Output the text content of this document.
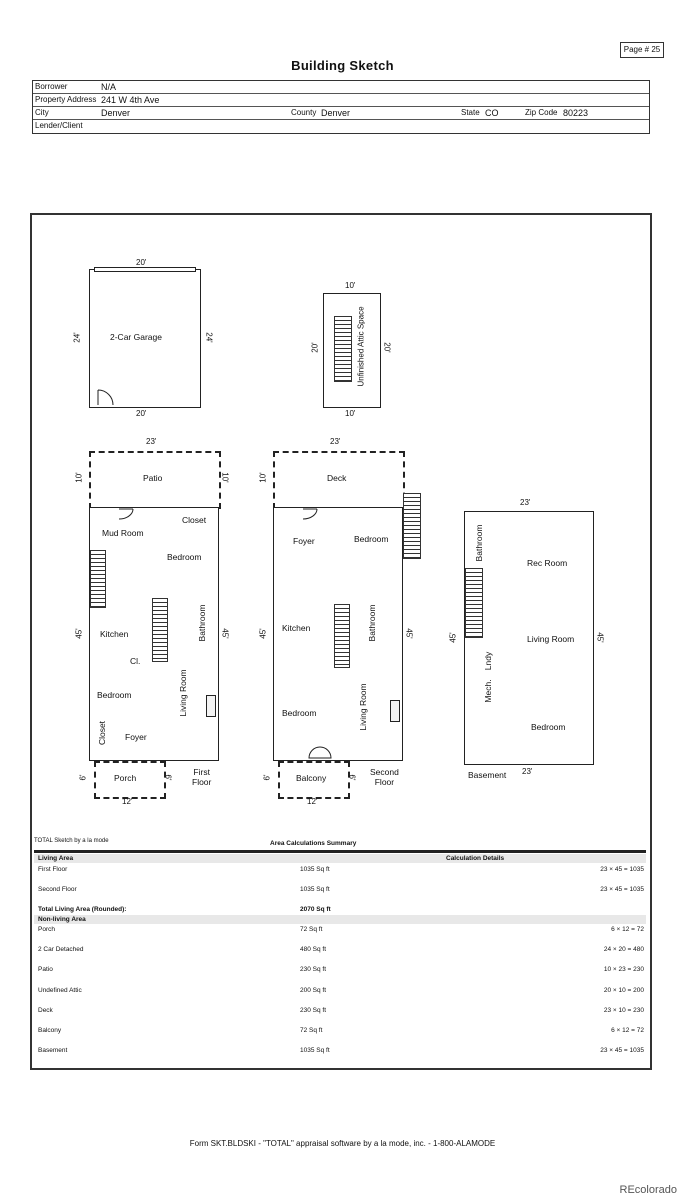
Page # 25
Building Sketch
Borrower	N/A
Property Address 241 W 4th Ave
City	Denver	County Denver	State CO	Zip Code 80223
Lender/Client
2-Car Garage
20'
20'
24'	24'	Unfinished Attic Space
10'
10'
20'	20'
23'
Patio
10'	10'
Closet
Mud Room
Bedroom
Kitchen	Bathroom
Cl.
Bedroom	Living Room
Closet Foyer
45'	45'
Porch
6'	6'
12'
First
Floor
23'
Deck
10'
Foyer	Bedroom
Kitchen	Bathroom
Bedroom	Living Room
45'	45'
Balcony
6'	6'
12'
Second
Floor
23'
Bathroom
Rec Room
Living Room
Mech.
Lndy
Bedroom
45'	45'
Basement 23'
TOTAL Sketch by a la mode	Area Calculations Summary
Living Area	Calculation Details
First Floor	1035 Sq ft	23 × 45 = 1035
Second Floor	1035 Sq ft	23 × 45 = 1035
Total Living Area (Rounded):	2070 Sq ft
Non-living Area
Porch	72 Sq ft	6 × 12 = 72
2 Car Detached	480 Sq ft	24 × 20 = 480
Patio	230 Sq ft	10 × 23 = 230
Undefined Attic	200 Sq ft	20 × 10 = 200
Deck	230 Sq ft	23 × 10 = 230
Balcony	72 Sq ft	6 × 12 = 72
Basement	1035 Sq ft	23 × 45 = 1035
Form SKT.BLDSKI - "TOTAL" appraisal software by a la mode, inc. - 1-800-ALAMODE
REcolorado
